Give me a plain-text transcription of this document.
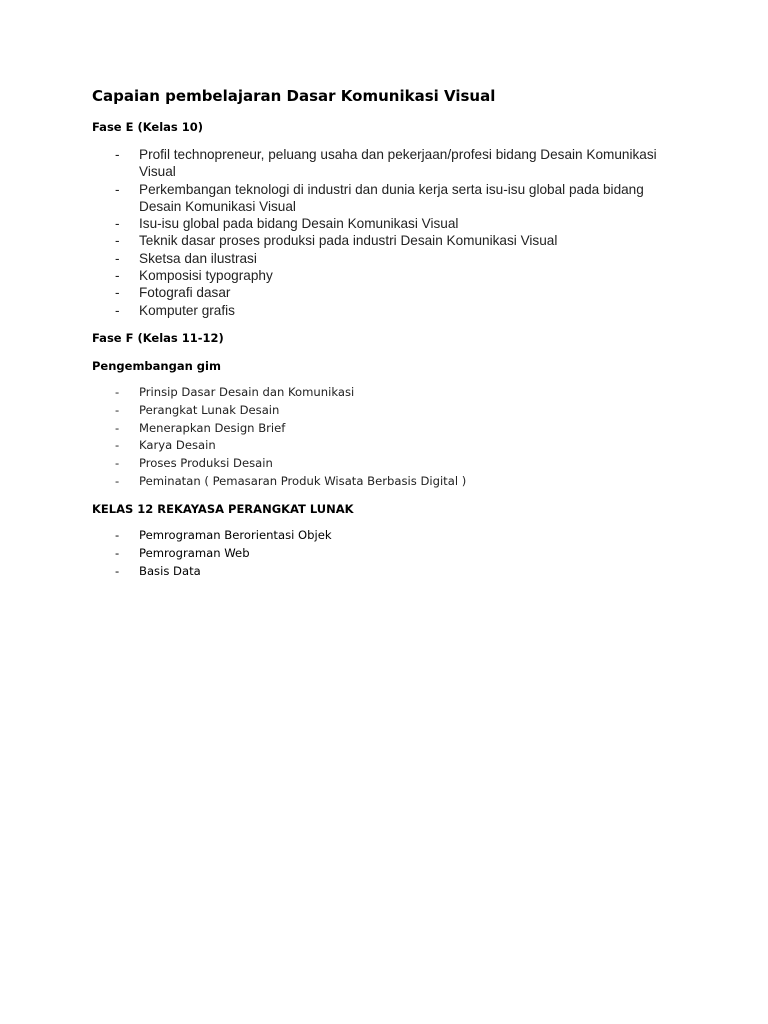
Capaian pembelajaran Dasar Komunikasi Visual
Fase E (Kelas 10)
- Profil technopreneur, peluang usaha dan pekerjaan/profesi bidang Desain Komunikasi Visual
- Perkembangan teknologi di industri dan dunia kerja serta isu-isu global pada bidang Desain Komunikasi Visual
- Isu-isu global pada bidang Desain Komunikasi Visual
- Teknik dasar proses produksi pada industri Desain Komunikasi Visual
- Sketsa dan ilustrasi
- Komposisi typography
- Fotografi dasar
- Komputer grafis
Fase F (Kelas 11-12)
Pengembangan gim
- Prinsip Dasar Desain dan Komunikasi
- Perangkat Lunak Desain
- Menerapkan Design Brief
- Karya Desain
- Proses Produksi Desain
- Peminatan ( Pemasaran Produk Wisata Berbasis Digital )
KELAS 12 REKAYASA PERANGKAT LUNAK
- Pemrograman Berorientasi Objek
- Pemrograman Web
- Basis Data
